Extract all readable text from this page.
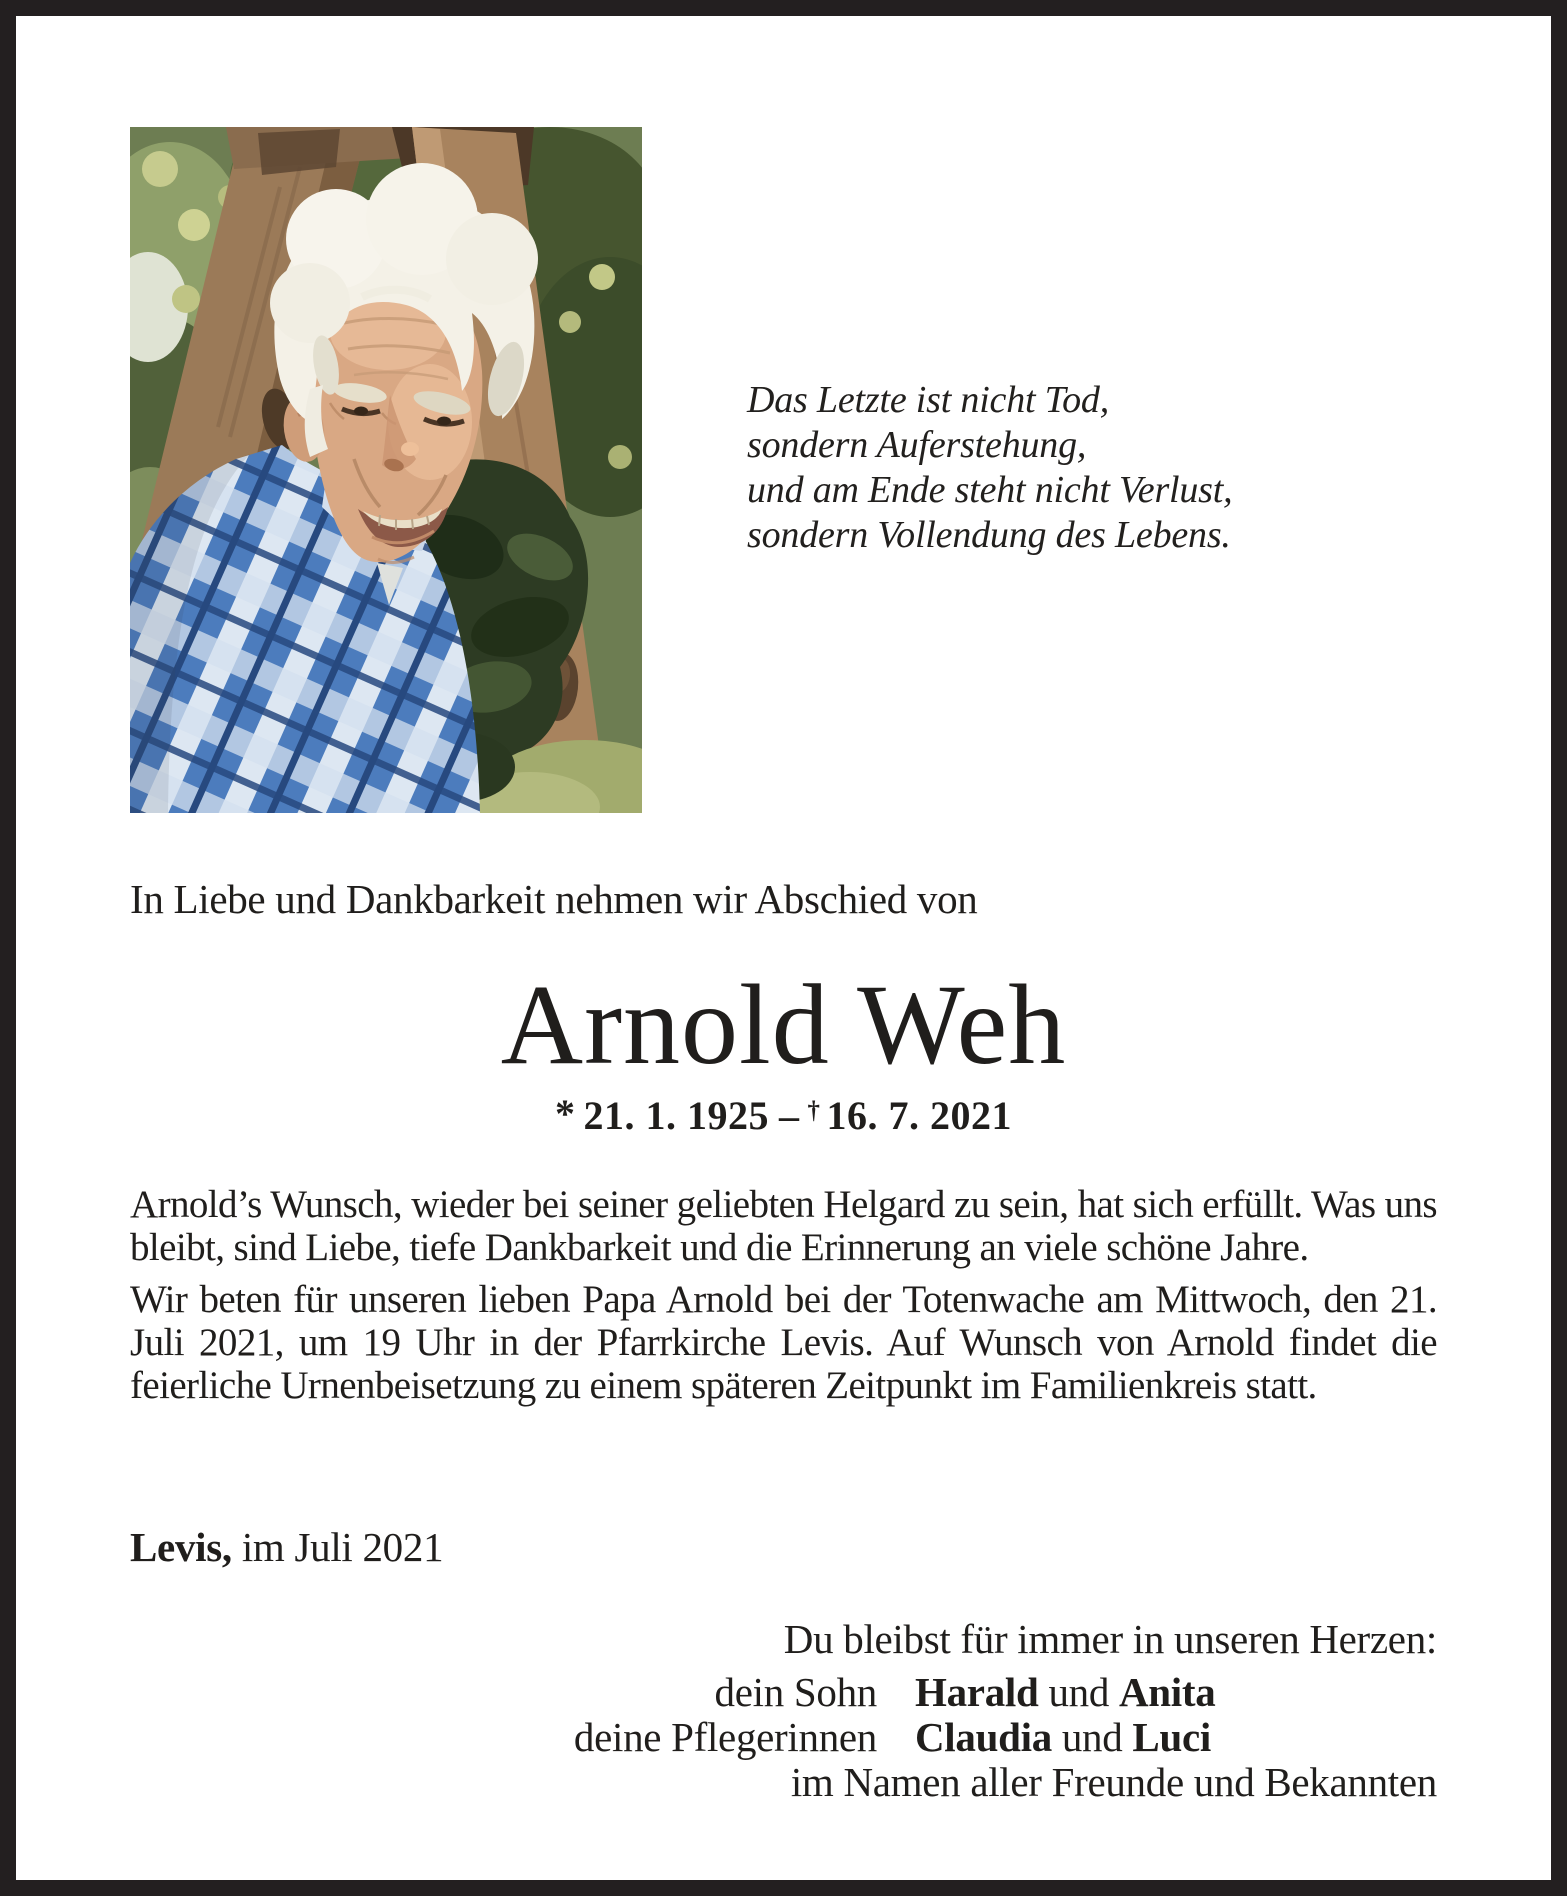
Das Letzte ist nicht Tod,
sondern Auferstehung,
und am Ende steht nicht Verlust,
sondern Vollendung des Lebens.
In Liebe und Dankbarkeit nehmen wir Abschied von
Arnold Weh
* 21. 1. 1925 – † 16. 7. 2021

Arnold’s Wunsch, wieder bei seiner geliebten Helgard zu sein, hat sich erfüllt. Was uns bleibt, sind Liebe, tiefe Dankbarkeit und die Erinnerung an viele schöne Jahre.

Wir beten für unseren lieben Papa Arnold bei der Totenwache am Mittwoch, den 21. Juli 2021, um 19 Uhr in der Pfarrkirche Levis. Auf Wunsch von Arnold findet die feierliche Urnenbeisetzung zu einem späteren Zeitpunkt im Familienkreis statt.

Levis, im Juli 2021
Du bleibst für immer in unseren Herzen:
dein Sohn Harald und Anita
deine Pflegerinnen Claudia und Luci
im Namen aller Freunde und Bekannten
